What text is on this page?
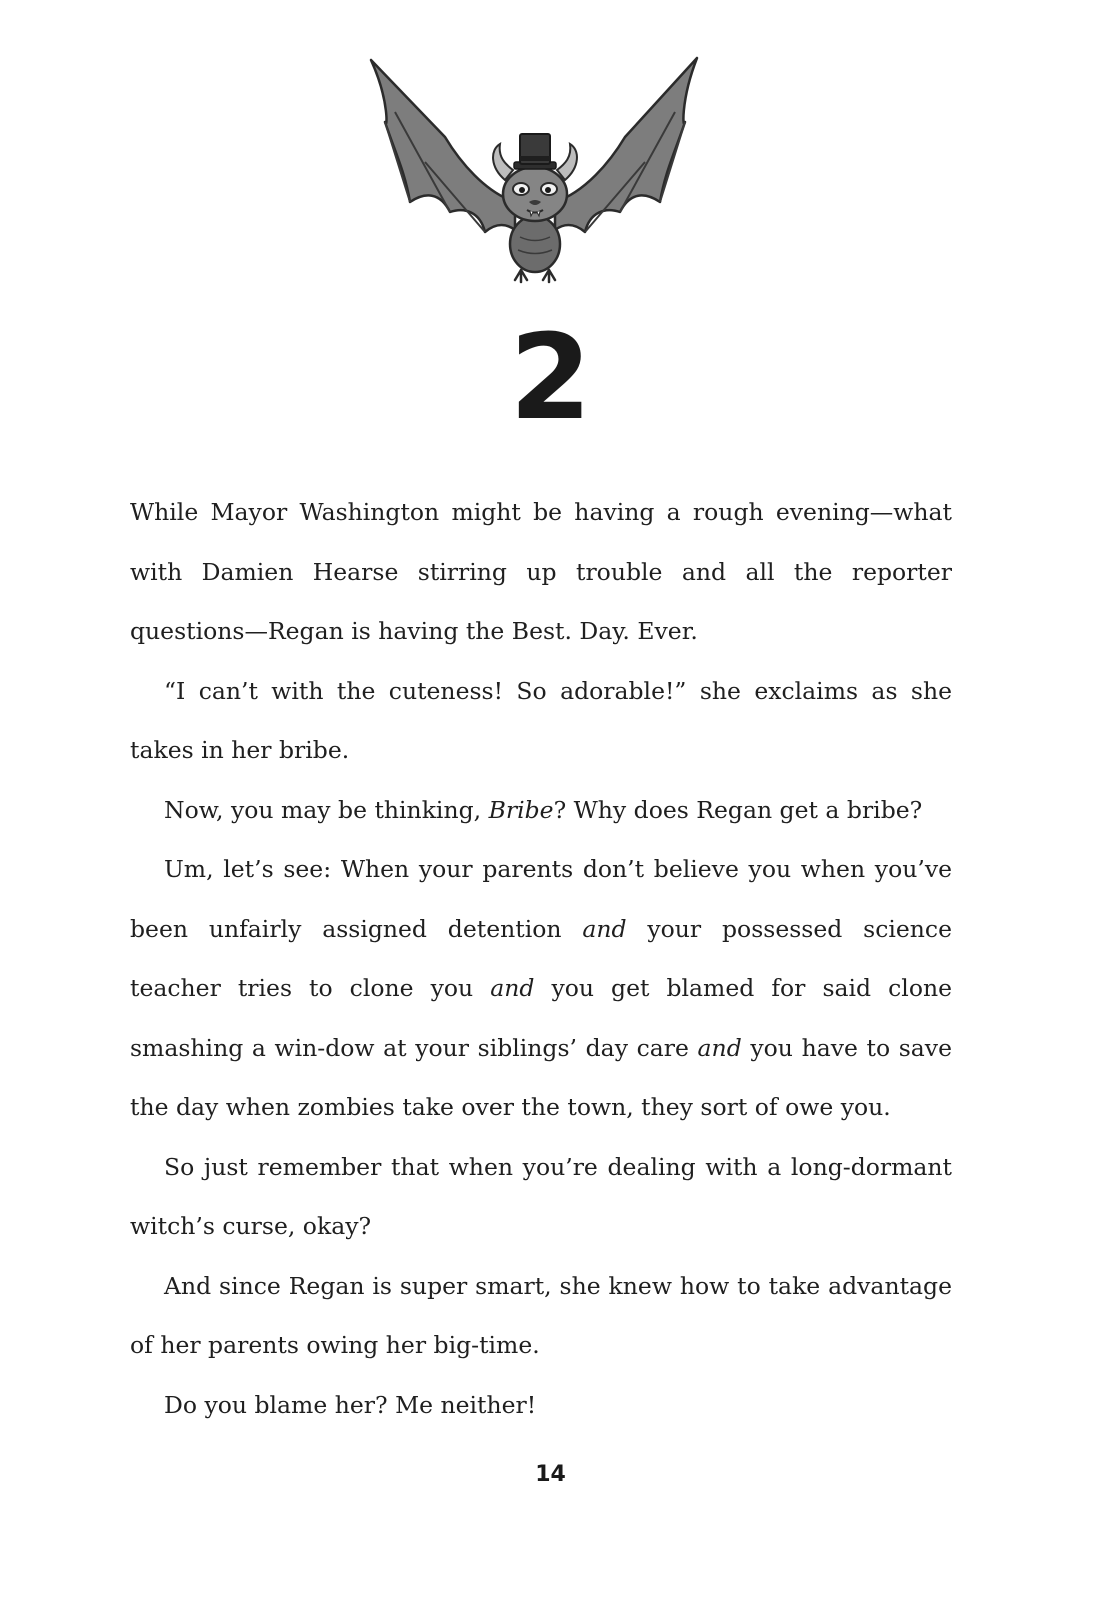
2

While Mayor Washington might be having a rough evening—what with Damien Hearse stirring up trouble and all the reporter questions—Regan is having the Best. Day. Ever.

“I can’t with the cuteness! So adorable!” she exclaims as she takes in her bribe.

Now, you may be thinking, Bribe? Why does Regan get a bribe?

Um, let’s see: When your parents don’t believe you when you’ve been unfairly assigned detention and your possessed science teacher tries to clone you and you get blamed for said clone smashing a win-dow at your siblings’ day care and you have to save the day when zombies take over the town, they sort of owe you.

So just remember that when you’re dealing with a long-dormant witch’s curse, okay?

And since Regan is super smart, she knew how to take advantage of her parents owing her big-time.

Do you blame her? Me neither!

14
